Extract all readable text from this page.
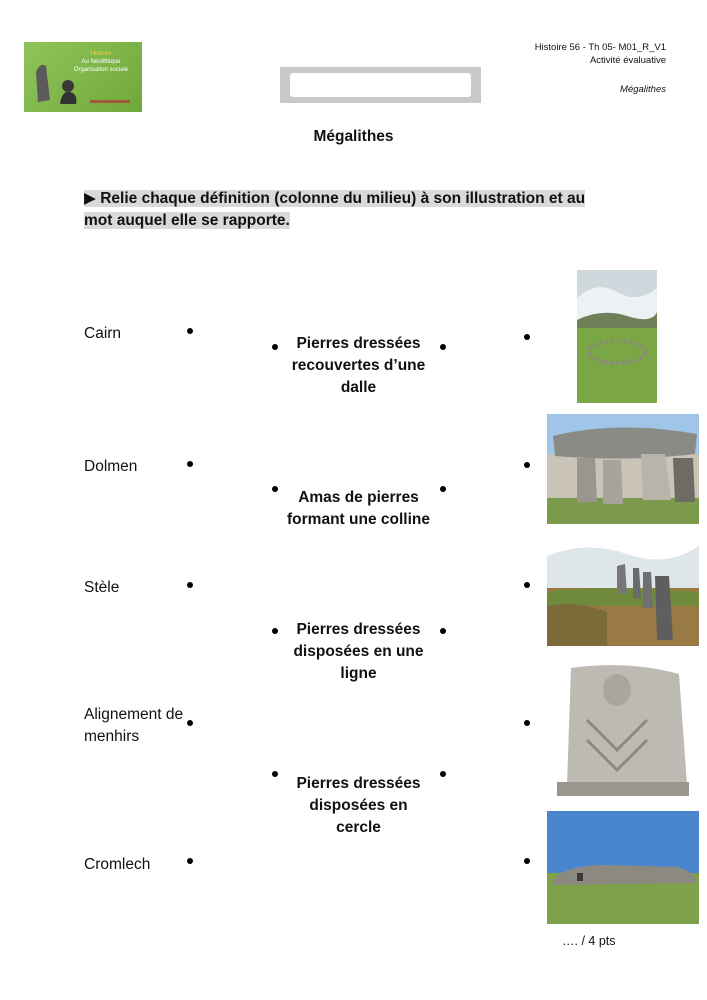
Histoire
Au Néolithique
Organisation sociale
Histoire 56 - Th 05- M01_R_V1
Activité évaluative
Mégalithes
Mégalithes
▶ Relie chaque définition (colonne du milieu) à son illustration et au mot auquel elle se rapporte.
Cairn
Dolmen
Stèle
Alignement de menhirs
Cromlech
Pierres dressées recouvertes d’une dalle
Amas de pierres formant une colline
Pierres dressées disposées en une ligne
Pierres dressées disposées en cercle
…. / 4 pts
